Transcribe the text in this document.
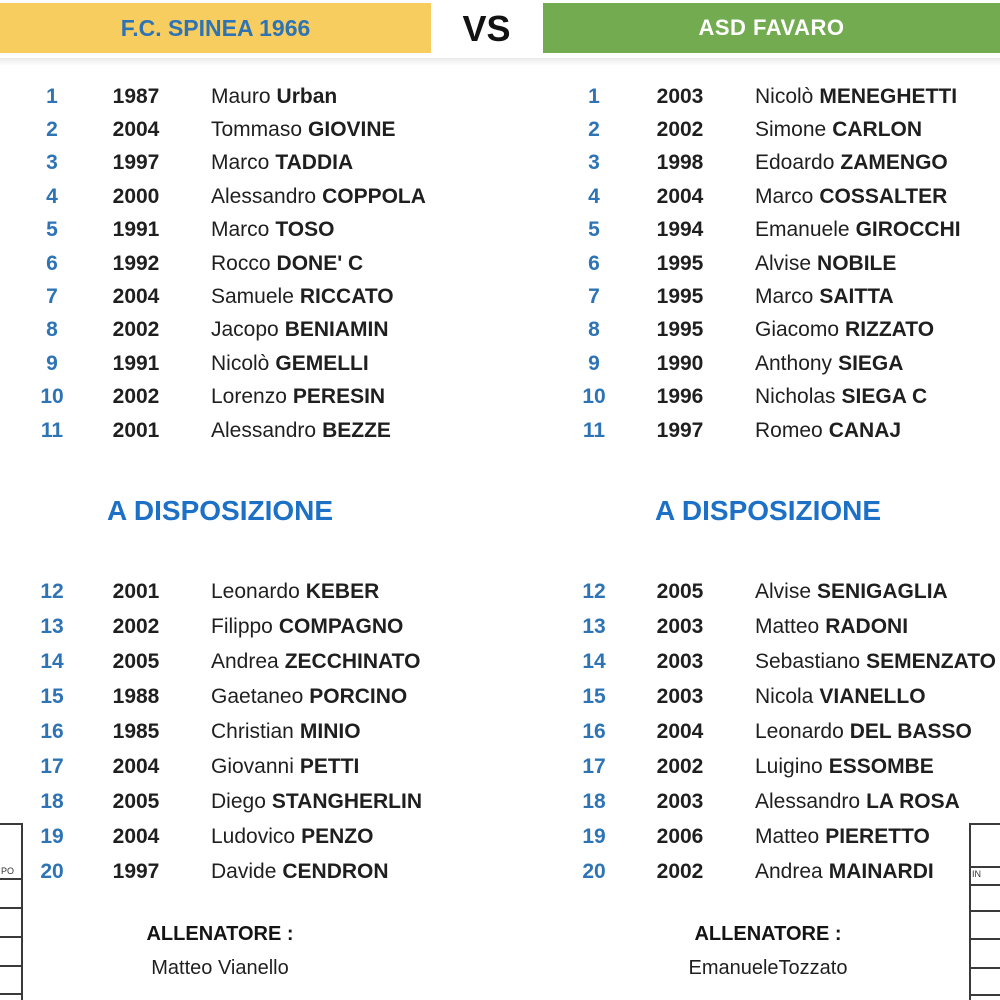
F.C. SPINEA 1966	VS	ASD FAVARO
1	1987	Mauro Urban
2	2004	Tommaso GIOVINE
3	1997	Marco TADDIA
4	2000	Alessandro COPPOLA
5	1991	Marco TOSO
6	1992	Rocco DONE' C
7	2004	Samuele RICCATO
8	2002	Jacopo BENIAMIN
9	1991	Nicolò GEMELLI
10	2002	Lorenzo PERESIN
11	2001	Alessandro BEZZE
1	2003	Nicolò MENEGHETTI
2	2002	Simone CARLON
3	1998	Edoardo ZAMENGO
4	2004	Marco COSSALTER
5	1994	Emanuele GIROCCHI
6	1995	Alvise NOBILE
7	1995	Marco SAITTA
8	1995	Giacomo RIZZATO
9	1990	Anthony SIEGA
10	1996	Nicholas SIEGA C
11	1997	Romeo CANAJ
A DISPOSIZIONE	A DISPOSIZIONE
12	2001	Leonardo KEBER
13	2002	Filippo COMPAGNO
14	2005	Andrea ZECCHINATO
15	1988	Gaetaneo PORCINO
16	1985	Christian MINIO
17	2004	Giovanni PETTI
18	2005	Diego STANGHERLIN
19	2004	Ludovico PENZO
20	1997	Davide CENDRON
12	2005	Alvise SENIGAGLIA
13	2003	Matteo RADONI
14	2003	Sebastiano SEMENZATO
15	2003	Nicola VIANELLO
16	2004	Leonardo DEL BASSO
17	2002	Luigino ESSOMBE
18	2003	Alessandro LA ROSA
19	2006	Matteo PIERETTO
20	2002	Andrea MAINARDI
ALLENATORE :
Matteo Vianello
ALLENATORE :
EmanueleTozzato
PO	IN
